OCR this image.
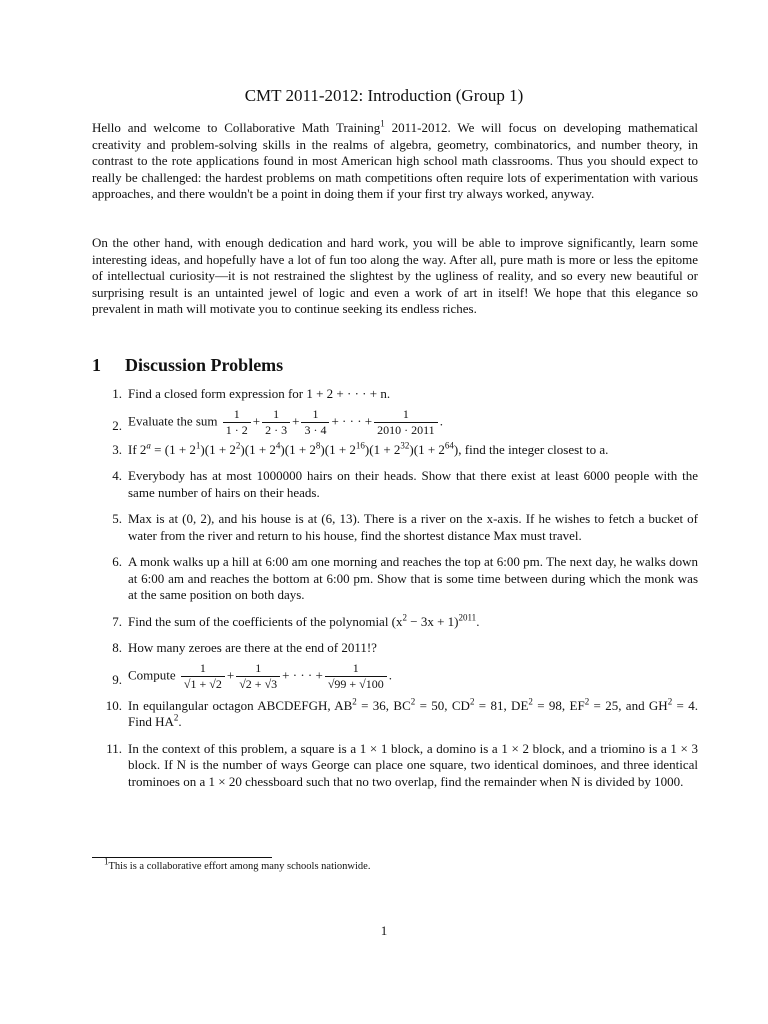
CMT 2011-2012: Introduction (Group 1)
Hello and welcome to Collaborative Math Training$^1$ 2011-2012. We will focus on developing mathematical creativity and problem-solving skills in the realms of algebra, geometry, combinatorics, and number theory, in contrast to the rote applications found in most American high school math classrooms. Thus you should expect to really be challenged: the hardest problems on math competitions often require lots of experimentation with various approaches, and there wouldn't be a point in doing them if your first try always worked, anyway.
On the other hand, with enough dedication and hard work, you will be able to improve significantly, learn some interesting ideas, and hopefully have a lot of fun too along the way. After all, pure math is more or less the epitome of intellectual curiosity—it is not restrained the slightest by the ugliness of reality, and so every new beautiful or surprising result is an untainted jewel of logic and even a work of art in itself! We hope that this elegance so prevalent in math will motivate you to continue seeking its endless riches.
1 Discussion Problems

1. Find a closed form expression for 1 + 2 + · · · + n.

2. Evaluate the sum $\frac{1}{1 \cdot 2} + \frac{1}{2 \cdot 3} + \frac{1}{3 \cdot 4}$ + · · · + $\frac{1}{2010 \cdot 2011}$ .

3. If $2^a = (1 + 2^1)(1 + 2^2)(1 + 2^4)(1 + 2^8)(1 + 2^{16})(1 + 2^{32})(1 + 2^{64})$, find the integer closest to a.

4. Everybody has at most 1000000 hairs on their heads. Show that there exist at least 6000 people with the same number of hairs on their heads.

5. Max is at (0, 2), and his house is at (6, 13). There is a river on the x-axis. If he wishes to fetch a bucket of water from the river and return to his house, find the shortest distance Max must travel.

6. A monk walks up a hill at 6:00 am one morning and reaches the top at 6:00 pm. The next day, he walks down at 6:00 am and reaches the bottom at 6:00 pm. Show that is some time between during which the monk was at the same position on both days.

7. Find the sum of the coefficients of the polynomial $(x^2 - 3x + 1)^{2011}$.

8. How many zeroes are there at the end of 2011!?

9. Compute $\frac{1}{√1 + √2} + \frac{1}{√2 + √3}$ + · · · + $\frac{1}{√99 + √100}$ .

10. In equilangular octagon ABCDEFGH, $AB^2 = 36$, $BC^2 = 50$, $CD^2 = 81$, $DE^2 = 98$, $EF^2 = 25$, and $GH^2 = 4$. Find $HA^2$.

11. In the context of this problem, a square is a 1 × 1 block, a domino is a 1 × 2 block, and a triomino is a 1 × 3 block. If N is the number of ways George can place one square, two identical dominoes, and three identical trominoes on a 1 × 20 chessboard such that no two overlap, find the remainder when N is divided by 1000.

$^1$This is a collaborative effort among many schools nationwide.
1
